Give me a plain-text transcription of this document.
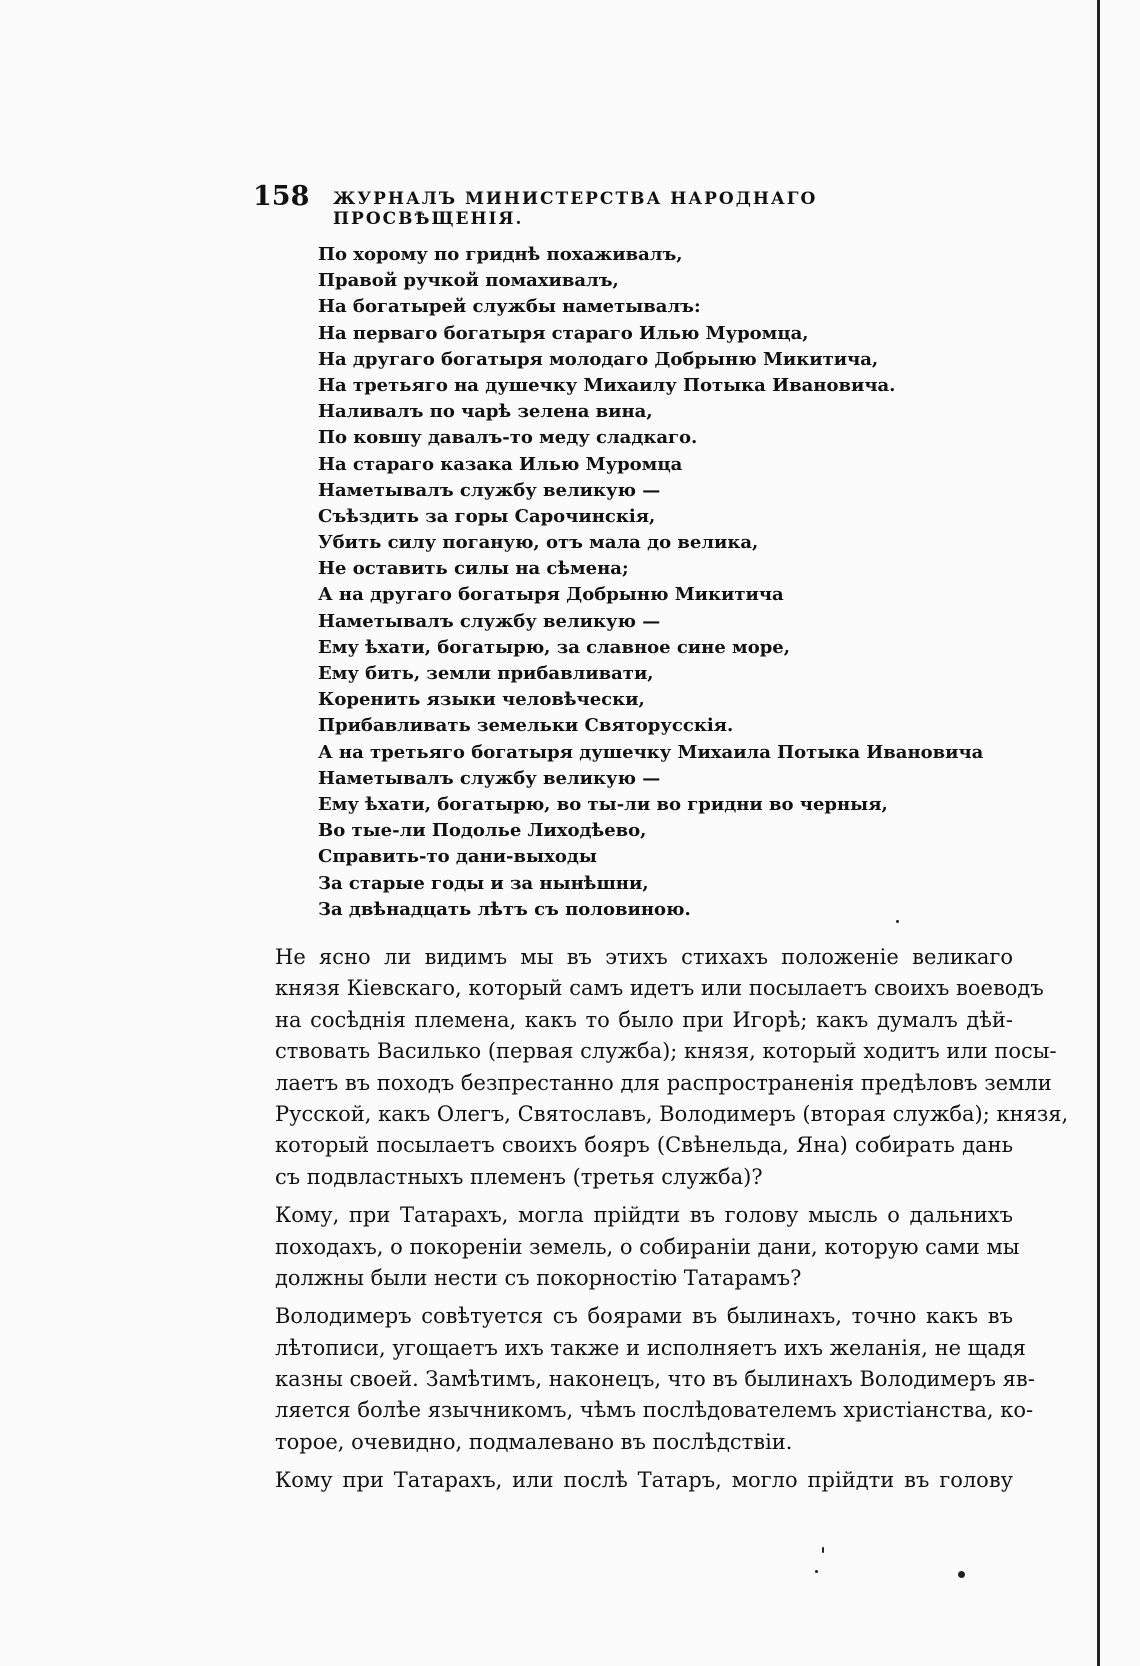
158 ЖУРНАЛЪ МИНИСТЕРСТВА НАРОДНАГО ПРОСВѢЩЕНІЯ.
По хорому по гриднѣ похаживалъ,
Правой ручкой помахивалъ,
На богатырей службы наметывалъ:
На перваго богатыря стараго Илью Муромца,
На другаго богатыря молодаго Добрыню Микитича,
На третьяго на душечку Михаилу Потыка Ивановича.
Наливалъ по чарѣ зелена вина,
По ковшу давалъ-то меду сладкаго.
На стараго казака Илью Муромца
Наметывалъ службу великую —
Съѣздить за горы Сарочинскія,
Убить силу поганую, отъ мала до велика,
Не оставить силы на сѣмена;
А на другаго богатыря Добрыню Микитича
Наметывалъ службу великую —
Ему ѣхати, богатырю, за славное сине море,
Ему бить, земли прибавливати,
Коренить языки человѣчески,
Прибавливать земельки Святорусскія.
А на третьяго богатыря душечку Михаила Потыка Ивановича
Наметывалъ службу великую —
Ему ѣхати, богатырю, во ты-ли во гридни во черныя,
Во тые-ли Подолье Лиходѣево,
Справить-то дани-выходы
За старые годы и за нынѣшни,
За двѣнадцать лѣтъ съ половиною.
Не ясно ли видимъ мы въ этихъ стихахъ положеніе великаго
князя Кіевскаго, который самъ идетъ или посылаетъ своихъ воеводъ
на сосѣднія племена, какъ то было при Игорѣ; какъ думалъ дѣй-
ствовать Василько (первая служба); князя, который ходитъ или посы-
лаетъ въ походъ безпрестанно для распространенія предѣловъ земли
Русской, какъ Олегъ, Святославъ, Володимеръ (вторая служба); князя,
который посылаетъ своихъ бояръ (Свѣнельда, Яна) собирать дань
съ подвластныхъ племенъ (третья служба)?
Кому, при Татарахъ, могла прійдти въ голову мысль о дальнихъ
походахъ, о покореніи земель, о собираніи дани, которую сами мы
должны были нести съ покорностію Татарамъ?
Володимеръ совѣтуется съ боярами въ былинахъ, точно какъ въ
лѣтописи, угощаетъ ихъ также и исполняетъ ихъ желанія, не щадя
казны своей. Замѣтимъ, наконецъ, что въ былинахъ Володимеръ яв-
ляется болѣе язычникомъ, чѣмъ послѣдователемъ христіанства, ко-
торое, очевидно, подмалевано въ послѣдствіи.
Кому при Татарахъ, или послѣ Татаръ, могло прійдти въ голову
